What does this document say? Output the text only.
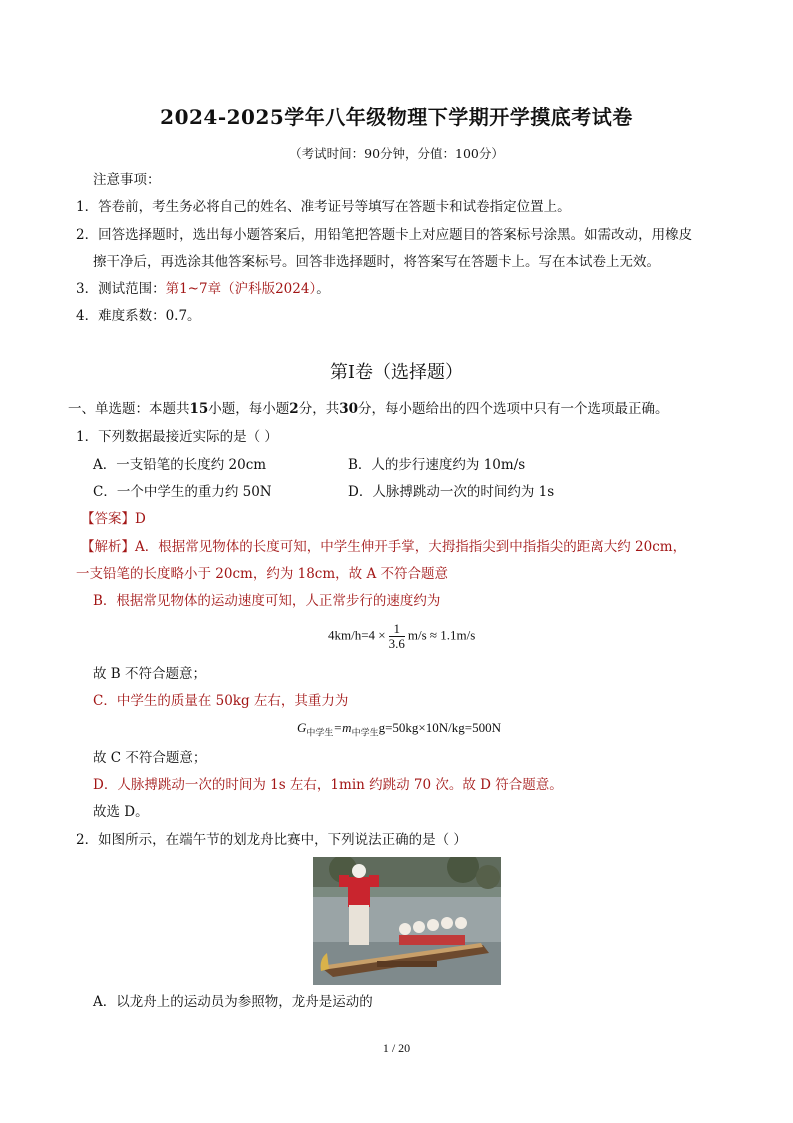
2024-2025学年八年级物理下学期开学摸底考试卷
（考试时间：90分钟，分值：100分）
注意事项：
1．答卷前，考生务必将自己的姓名、准考证号等填写在答题卡和试卷指定位置上。
2．回答选择题时，选出每小题答案后，用铅笔把答题卡上对应题目的答案标号涂黑。如需改动，用橡皮
擦干净后，再选涂其他答案标号。回答非选择题时，将答案写在答题卡上。写在本试卷上无效。
3．测试范围：第1~7章（沪科版2024）。
4．难度系数：0.7。
第Ⅰ卷（选择题）
一、单选题：本题共15小题，每小题2分，共30分，每小题给出的四个选项中只有一个选项最正确。
1．下列数据最接近实际的是（ ）
A．一支铅笔的长度约 20cm	B．人的步行速度约为 10m/s
C．一个中学生的重力约 50N	D．人脉搏跳动一次的时间约为 1s
【答案】D
【解析】A．根据常见物体的长度可知，中学生伸开手掌，大拇指指尖到中指指尖的距离大约 20cm，
一支铅笔的长度略小于 20cm，约为 18cm，故 A 不符合题意
B．根据常见物体的运动速度可知，人正常步行的速度约为
$4km/h=4 \times \frac{1}{3.6} m/s \approx 1.1m/s$
故 B 不符合题意；
C．中学生的质量在 50kg 左右，其重力为
$G_{中学生}=m_{中学生}g=50kg\times 10N/kg=500N$
故 C 不符合题意；
D．人脉搏跳动一次的时间为 1s 左右，1min 约跳动 70 次。故 D 符合题意。
故选 D。
2．如图所示，在端午节的划龙舟比赛中，下列说法正确的是（ ）
A．以龙舟上的运动员为参照物，龙舟是运动的
1 / 20
